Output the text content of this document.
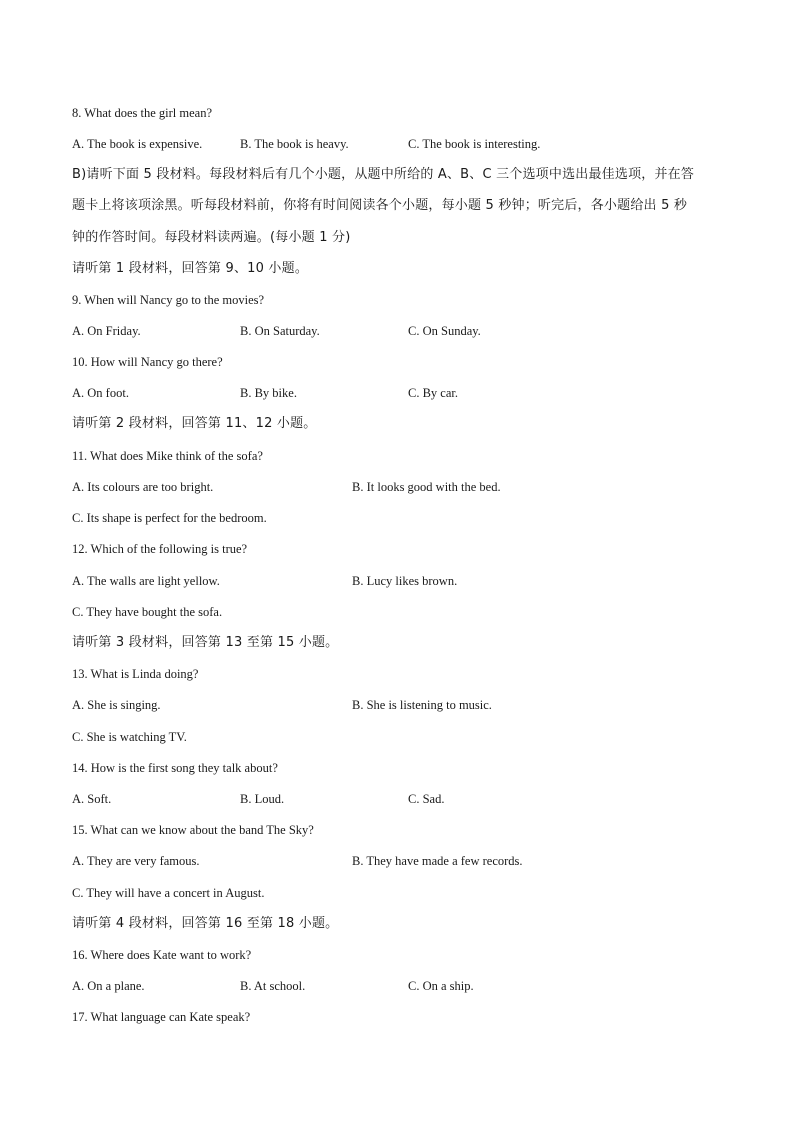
8. What does the girl mean?
A. The book is expensive.	B. The book is heavy.	C. The book is interesting.
B)请听下面 5 段材料。每段材料后有几个小题，从题中所给的 A、B、C 三个选项中选出最佳选项，并在答
题卡上将该项涂黑。听每段材料前，你将有时间阅读各个小题，每小题 5 秒钟；听完后，各小题给出 5 秒
钟的作答时间。每段材料读两遍。(每小题 1 分)
请听第 1 段材料，回答第 9、10 小题。
9. When will Nancy go to the movies?
A. On Friday.	B. On Saturday.	C. On Sunday.
10. How will Nancy go there?
A. On foot.	B. By bike.	C. By car.
请听第 2 段材料，回答第 11、12 小题。
11. What does Mike think of the sofa?
A. Its colours are too bright.	B. It looks good with the bed.
C. Its shape is perfect for the bedroom.
12. Which of the following is true?
A. The walls are light yellow.	B. Lucy likes brown.
C. They have bought the sofa.
请听第 3 段材料，回答第 13 至第 15 小题。
13. What is Linda doing?
A. She is singing.	B. She is listening to music.
C. She is watching TV.
14. How is the first song they talk about?
A. Soft.	B. Loud.	C. Sad.
15. What can we know about the band The Sky?
A. They are very famous.	B. They have made a few records.
C. They will have a concert in August.
请听第 4 段材料，回答第 16 至第 18 小题。
16. Where does Kate want to work?
A. On a plane.	B. At school.	C. On a ship.
17. What language can Kate speak?
